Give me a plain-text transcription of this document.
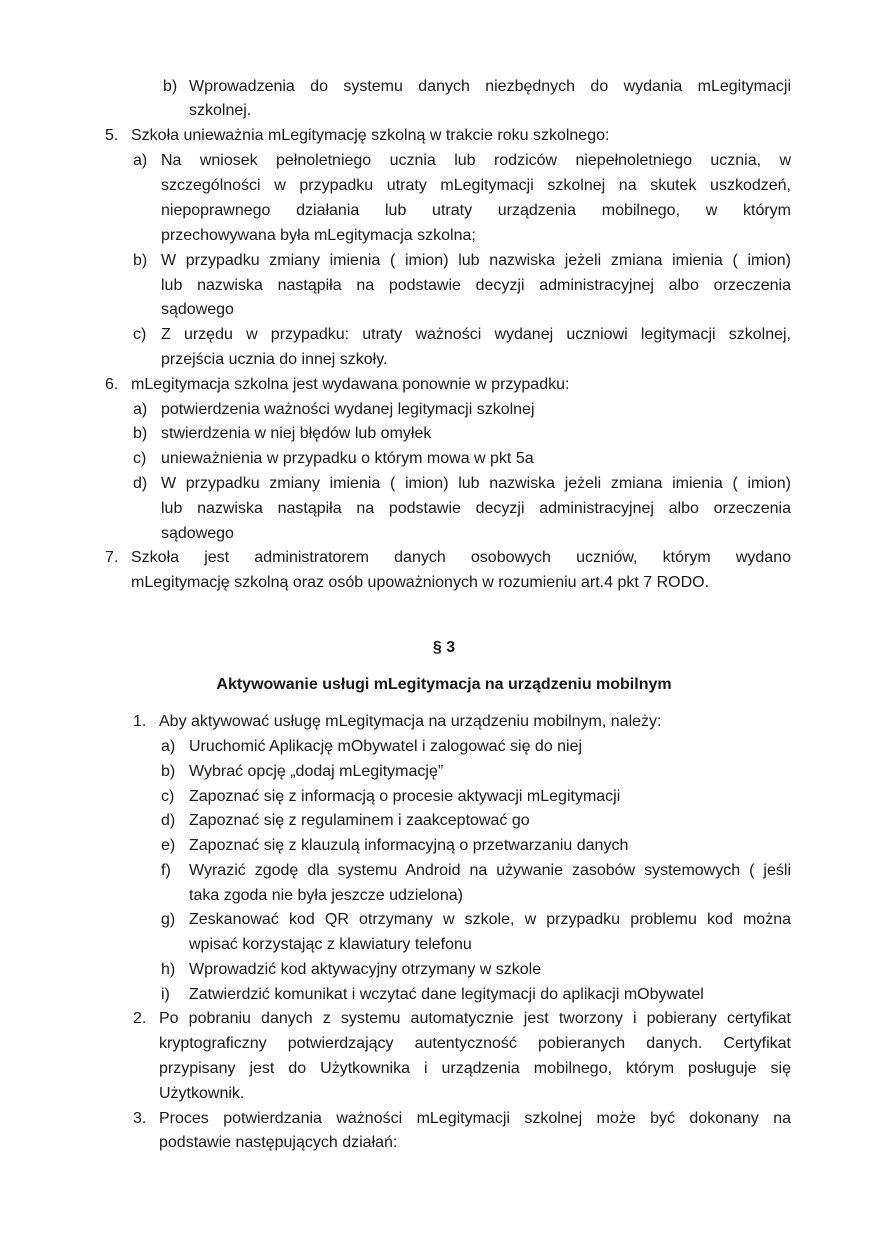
b) Wprowadzenia do systemu danych niezbędnych do wydania mLegitymacji
szkolnej.
5. Szkoła unieważnia mLegitymację szkolną w trakcie roku szkolnego:
a) Na wniosek pełnoletniego ucznia lub rodziców niepełnoletniego ucznia, w
szczególności w przypadku utraty mLegitymacji szkolnej na skutek uszkodzeń,
niepoprawnego działania lub utraty urządzenia mobilnego, w którym
przechowywana była mLegitymacja szkolna;
b) W przypadku zmiany imienia ( imion) lub nazwiska jeżeli zmiana imienia ( imion)
lub nazwiska nastąpiła na podstawie decyzji administracyjnej albo orzeczenia
sądowego
c) Z urzędu w przypadku: utraty ważności wydanej uczniowi legitymacji szkolnej,
przejścia ucznia do innej szkoły.
6. mLegitymacja szkolna jest wydawana ponownie w przypadku:
a) potwierdzenia ważności wydanej legitymacji szkolnej
b) stwierdzenia w niej błędów lub omyłek
c) unieważnienia w przypadku o którym mowa w pkt 5a
d) W przypadku zmiany imienia ( imion) lub nazwiska jeżeli zmiana imienia ( imion)
lub nazwiska nastąpiła na podstawie decyzji administracyjnej albo orzeczenia
sądowego
7. Szkoła jest administratorem danych osobowych uczniów, którym wydano
mLegitymację szkolną oraz osób upoważnionych w rozumieniu art.4 pkt 7 RODO.
§ 3
Aktywowanie usługi mLegitymacja na urządzeniu mobilnym
1. Aby aktywować usługę mLegitymacja na urządzeniu mobilnym, należy:
a) Uruchomić Aplikację mObywatel i zalogować się do niej
b) Wybrać opcję „dodaj mLegitymację”
c) Zapoznać się z informacją o procesie aktywacji mLegitymacji
d) Zapoznać się z regulaminem i zaakceptować go
e) Zapoznać się z klauzulą informacyjną o przetwarzaniu danych
f) Wyrazić zgodę dla systemu Android na używanie zasobów systemowych ( jeśli
taka zgoda nie była jeszcze udzielona)
g) Zeskanować kod QR otrzymany w szkole, w przypadku problemu kod można
wpisać korzystając z klawiatury telefonu
h) Wprowadzić kod aktywacyjny otrzymany w szkole
i) Zatwierdzić komunikat i wczytać dane legitymacji do aplikacji mObywatel
2. Po pobraniu danych z systemu automatycznie jest tworzony i pobierany certyfikat
kryptograficzny potwierdzający autentyczność pobieranych danych. Certyfikat
przypisany jest do Użytkownika i urządzenia mobilnego, którym posługuje się
Użytkownik.
3. Proces potwierdzania ważności mLegitymacji szkolnej może być dokonany na
podstawie następujących działań:
